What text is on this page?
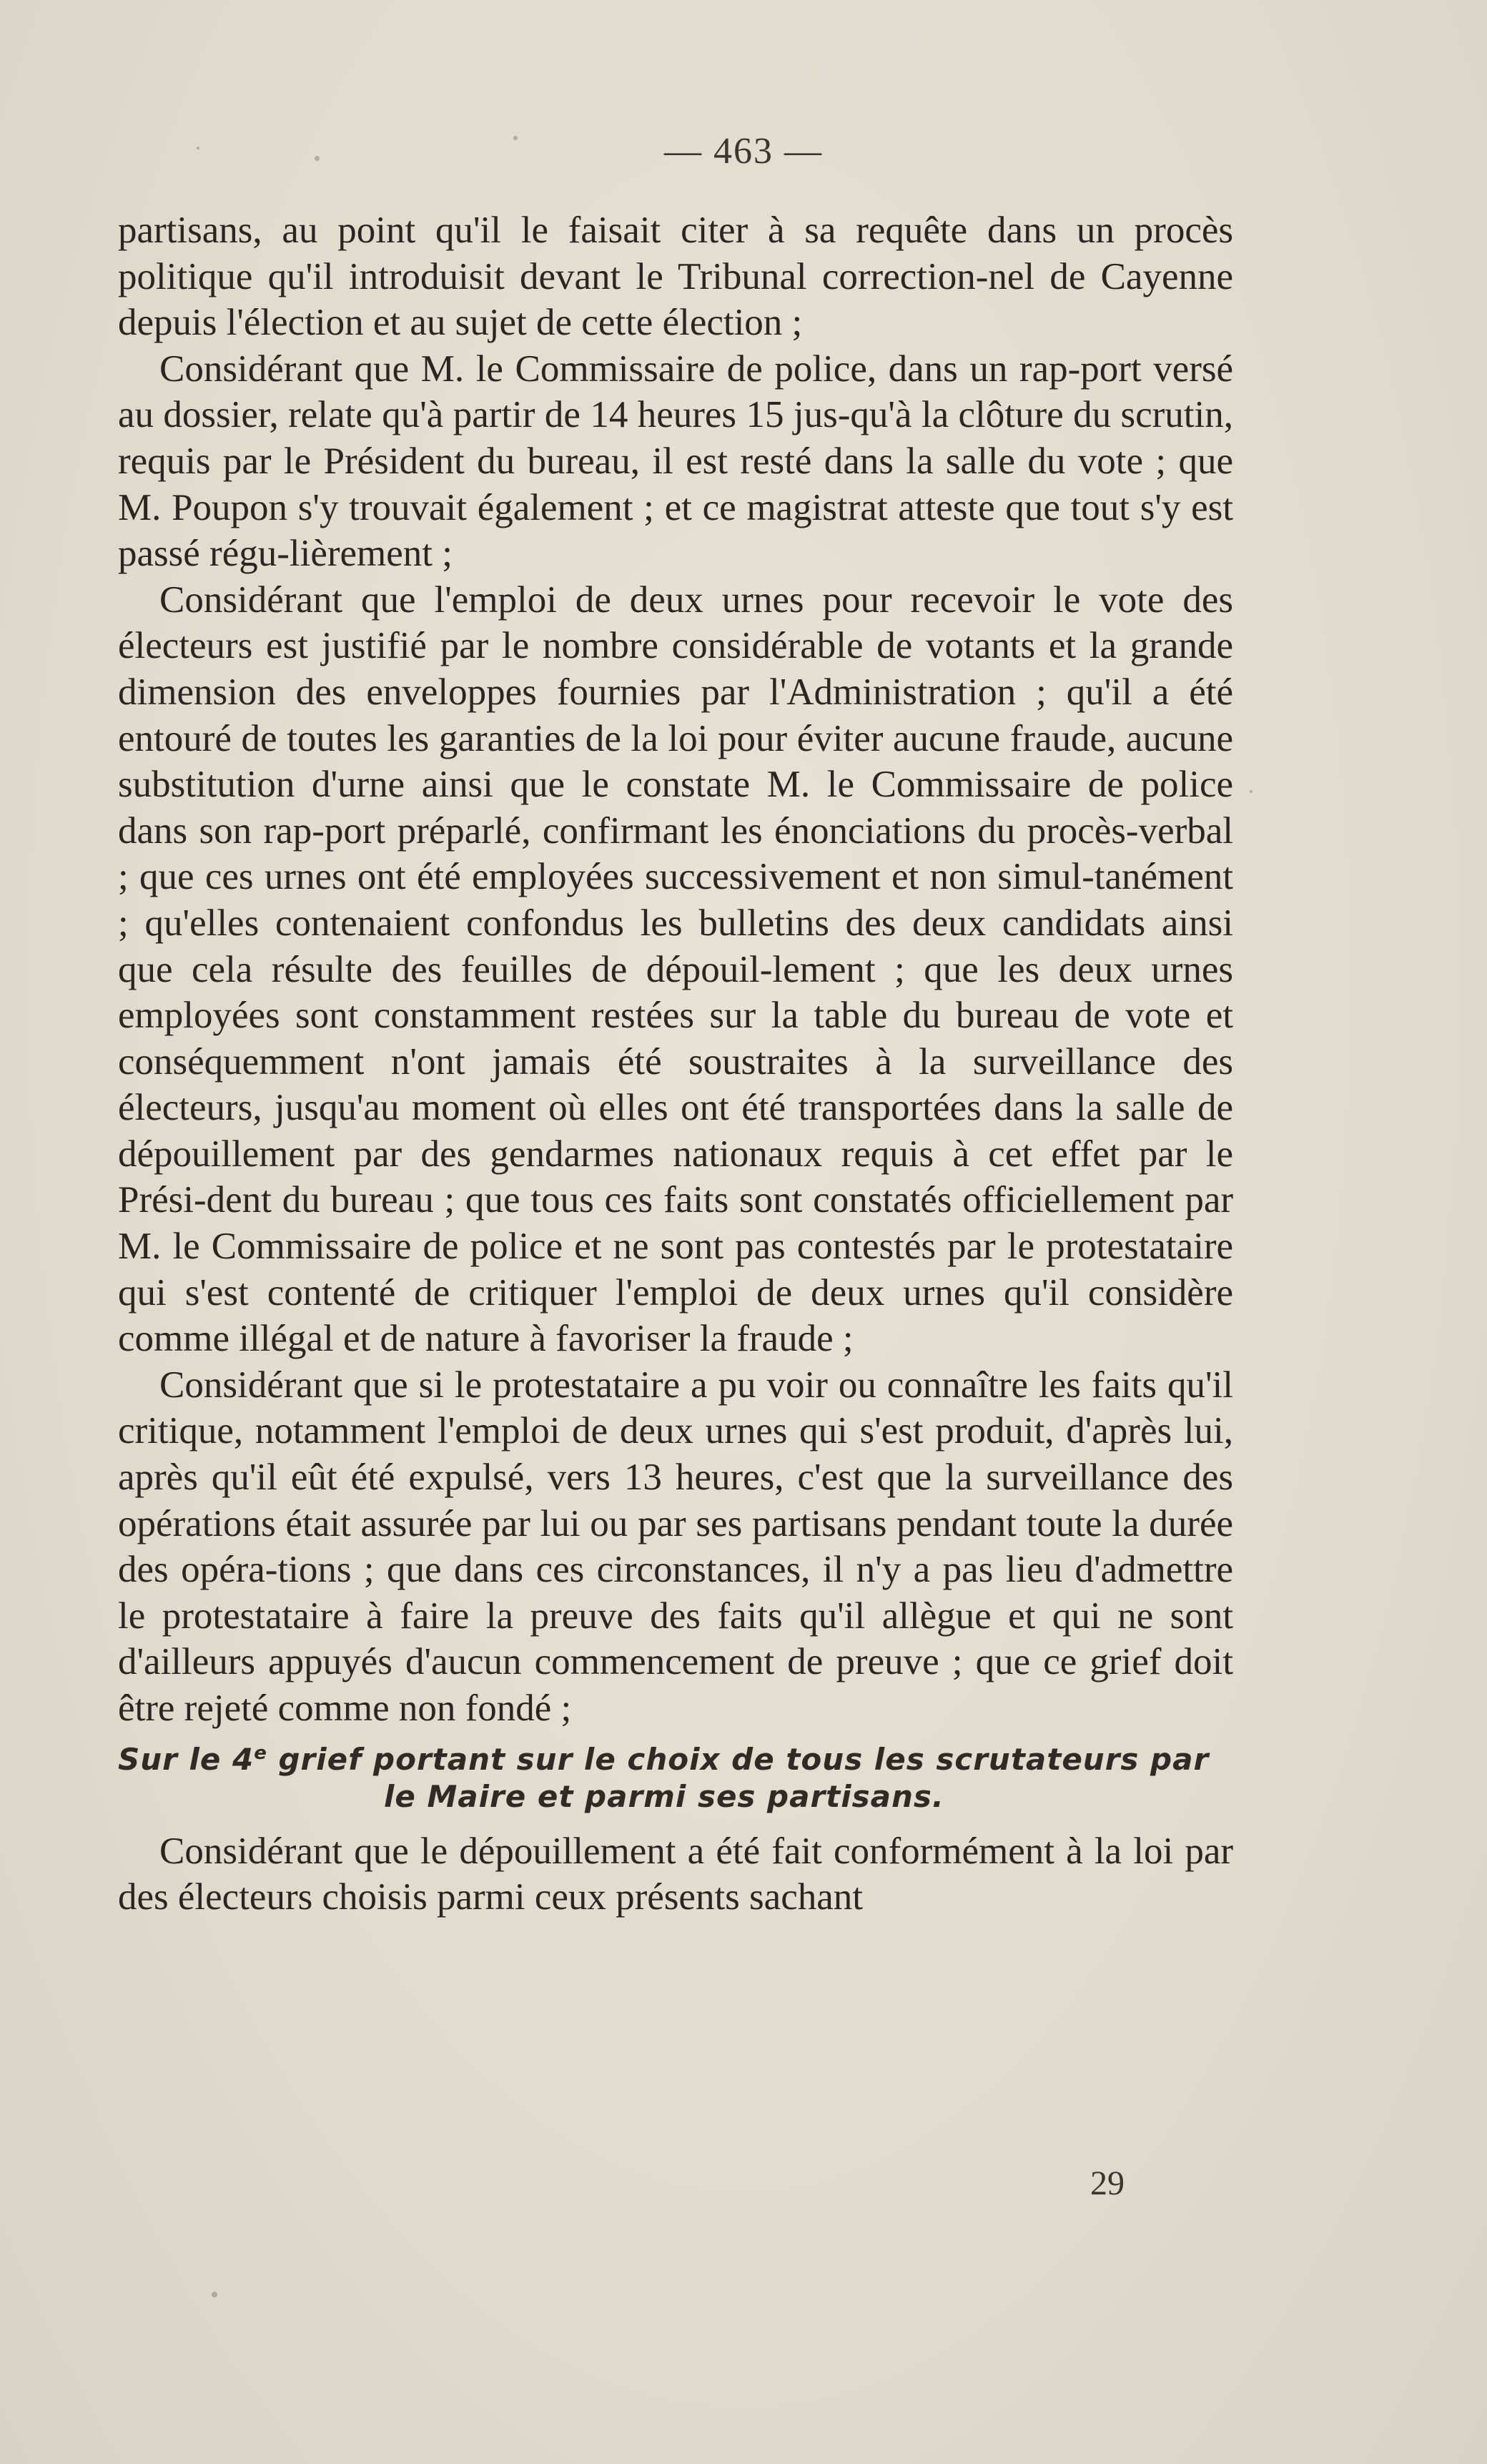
— 463 —

partisans, au point qu'il le faisait citer à sa requête dans un procès politique qu'il introduisit devant le Tribunal correction-nel de Cayenne depuis l'élection et au sujet de cette élection ;

Considérant que M. le Commissaire de police, dans un rap-port versé au dossier, relate qu'à partir de 14 heures 15 jus-qu'à la clôture du scrutin, requis par le Président du bureau, il est resté dans la salle du vote ; que M. Poupon s'y trouvait également ; et ce magistrat atteste que tout s'y est passé régu-lièrement ;

Considérant que l'emploi de deux urnes pour recevoir le vote des électeurs est justifié par le nombre considérable de votants et la grande dimension des enveloppes fournies par l'Administration ; qu'il a été entouré de toutes les garanties de la loi pour éviter aucune fraude, aucune substitution d'urne ainsi que le constate M. le Commissaire de police dans son rap-port préparlé, confirmant les énonciations du procès-verbal ; que ces urnes ont été employées successivement et non simul-tanément ; qu'elles contenaient confondus les bulletins des deux candidats ainsi que cela résulte des feuilles de dépouil-lement ; que les deux urnes employées sont constamment restées sur la table du bureau de vote et conséquemment n'ont jamais été soustraites à la surveillance des électeurs, jusqu'au moment où elles ont été transportées dans la salle de dépouillement par des gendarmes nationaux requis à cet effet par le Prési-dent du bureau ; que tous ces faits sont constatés officiellement par M. le Commissaire de police et ne sont pas contestés par le protestataire qui s'est contenté de critiquer l'emploi de deux urnes qu'il considère comme illégal et de nature à favoriser la fraude ;

Considérant que si le protestataire a pu voir ou connaître les faits qu'il critique, notamment l'emploi de deux urnes qui s'est produit, d'après lui, après qu'il eût été expulsé, vers 13 heures, c'est que la surveillance des opérations était assurée par lui ou par ses partisans pendant toute la durée des opéra-tions ; que dans ces circonstances, il n'y a pas lieu d'admettre le protestataire à faire la preuve des faits qu'il allègue et qui ne sont d'ailleurs appuyés d'aucun commencement de preuve ; que ce grief doit être rejeté comme non fondé ;

Sur le 4e grief portant sur le choix de tous les scrutateurs par
le Maire et parmi ses partisans.

Considérant que le dépouillement a été fait conformément à la loi par des électeurs choisis parmi ceux présents sachant

29
